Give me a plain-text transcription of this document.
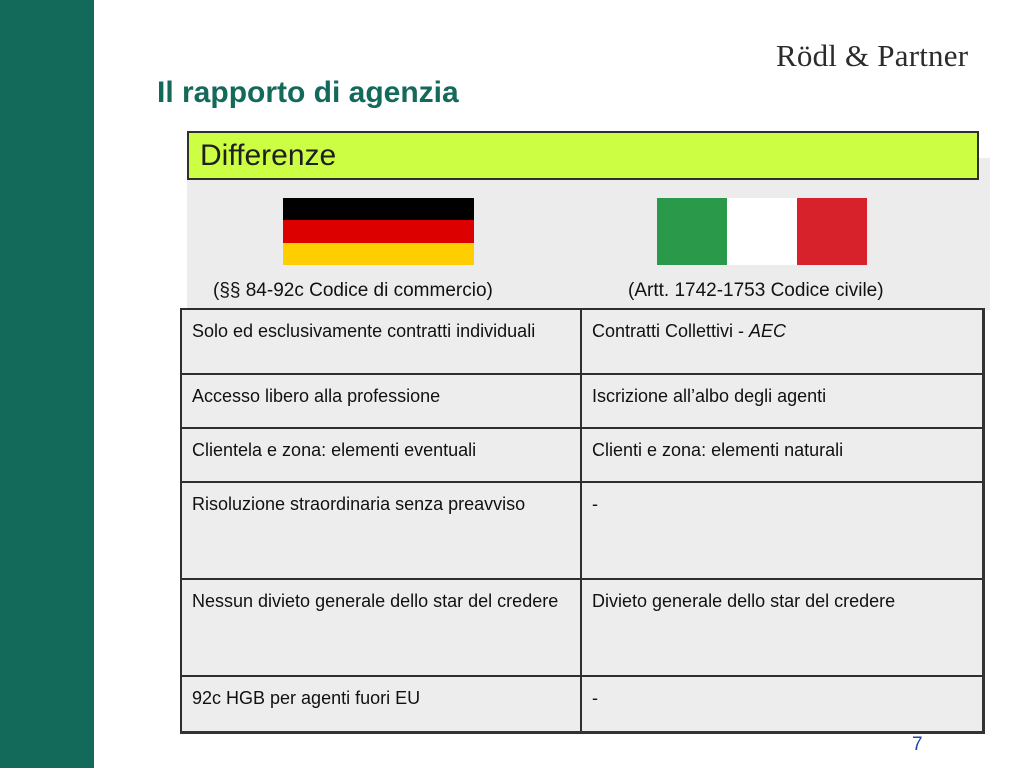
Rödl & Partner
Il rapporto di agenzia
Differenze
(§§ 84-92c Codice di commercio)	(Artt. 1742-1753 Codice civile)
Solo ed esclusivamente contratti individuali	Contratti Collettivi - AEC
Accesso libero alla professione	Iscrizione all’albo degli agenti
Clientela e zona: elementi eventuali	Clienti e zona: elementi naturali
Risoluzione straordinaria senza preavviso	-
Nessun divieto generale dello star del credere	Divieto generale dello star del credere
92c HGB per agenti fuori EU	-
7
